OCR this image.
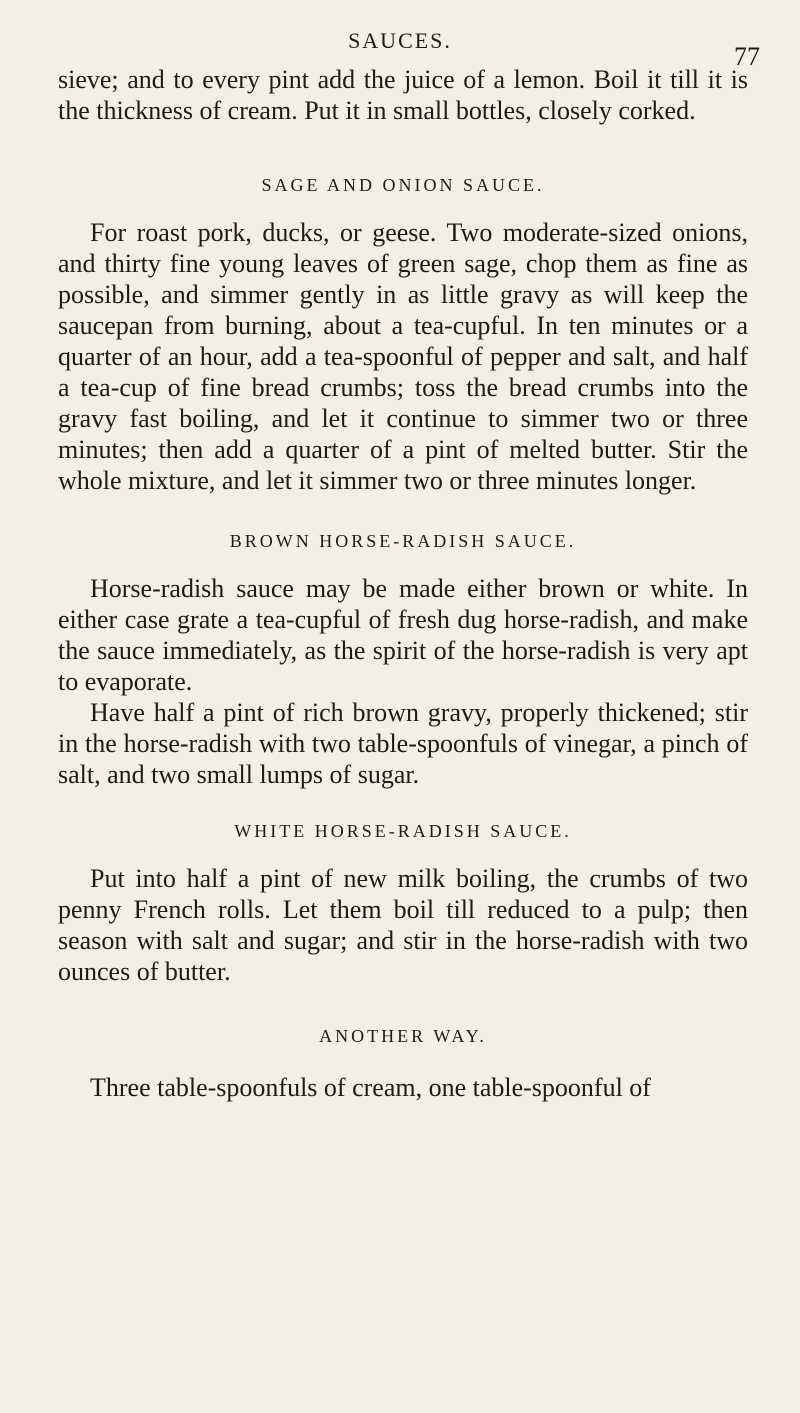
SAUCES.
77

sieve; and to every pint add the juice of a lemon. Boil it till it is the thickness of cream. Put it in small bottles, closely corked.

SAGE AND ONION SAUCE.

For roast pork, ducks, or geese. Two moderate-sized onions, and thirty fine young leaves of green sage, chop them as fine as possible, and simmer gently in as little gravy as will keep the saucepan from burning, about a tea-cupful. In ten minutes or a quarter of an hour, add a tea-spoonful of pepper and salt, and half a tea-cup of fine bread crumbs; toss the bread crumbs into the gravy fast boiling, and let it continue to simmer two or three minutes; then add a quarter of a pint of melted butter. Stir the whole mixture, and let it simmer two or three minutes longer.

BROWN HORSE-RADISH SAUCE.

Horse-radish sauce may be made either brown or white. In either case grate a tea-cupful of fresh dug horse-radish, and make the sauce immediately, as the spirit of the horse-radish is very apt to evaporate.

Have half a pint of rich brown gravy, properly thickened; stir in the horse-radish with two table-spoonfuls of vinegar, a pinch of salt, and two small lumps of sugar.

WHITE HORSE-RADISH SAUCE.

Put into half a pint of new milk boiling, the crumbs of two penny French rolls. Let them boil till reduced to a pulp; then season with salt and sugar; and stir in the horse-radish with two ounces of butter.

ANOTHER WAY.

Three table-spoonfuls of cream, one table-spoonful of
